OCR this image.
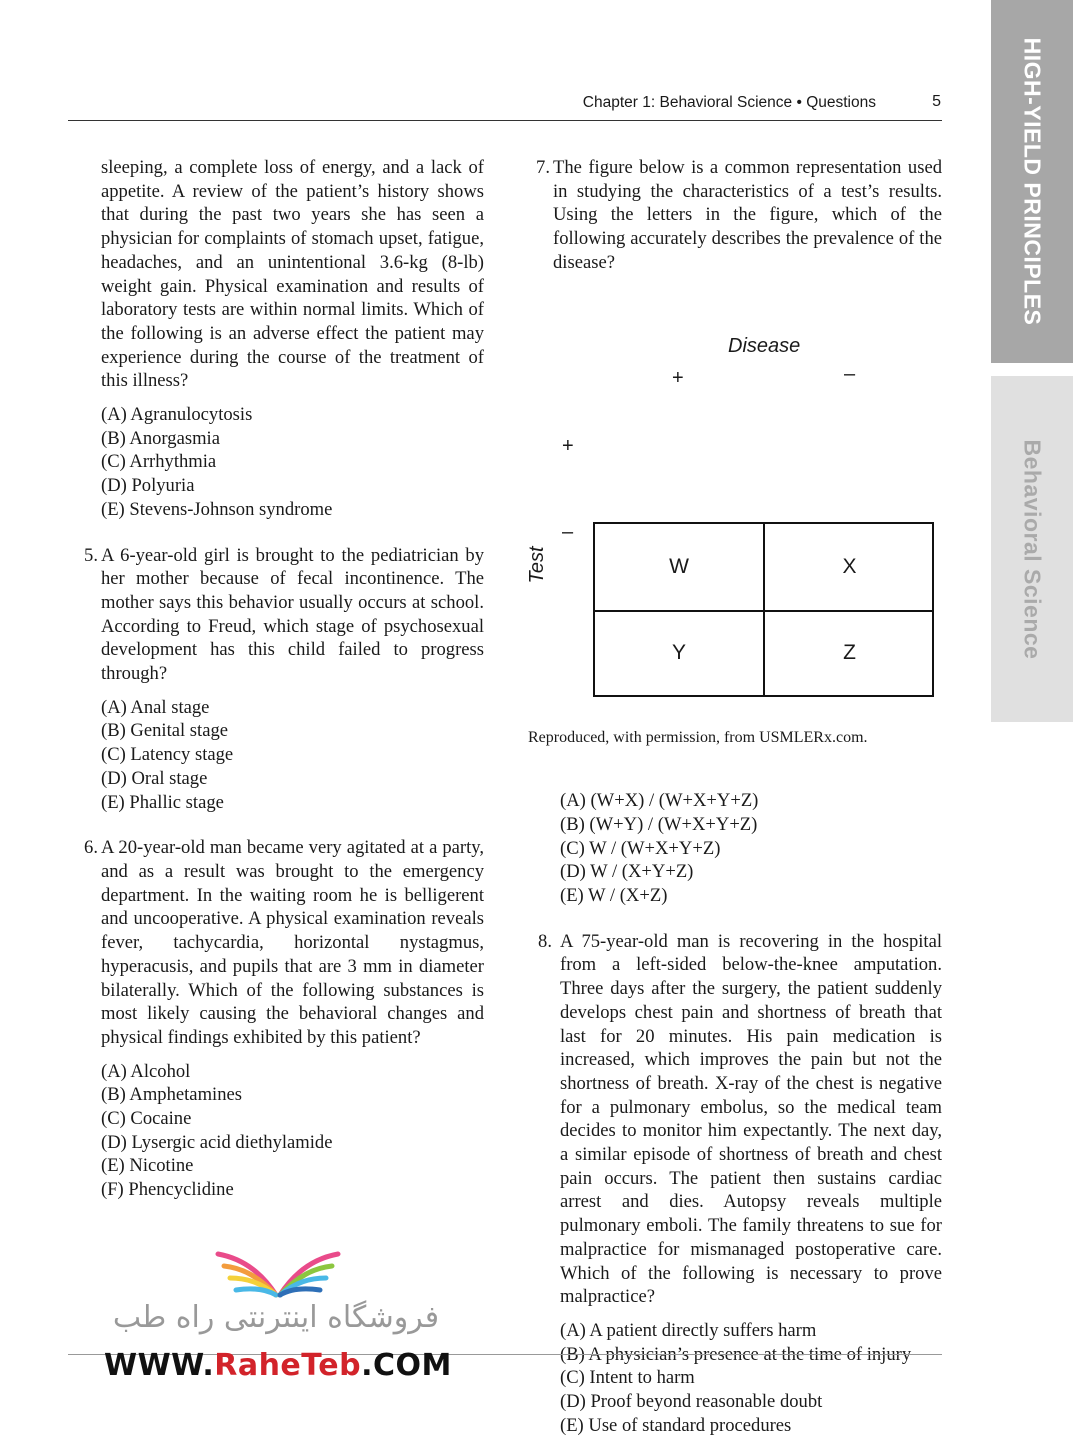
Chapter 1: Behavioral Science • Questions	5	HIGH-YIELD PRINCIPLES
Behavioral Science
sleeping, a complete loss of energy, and a lack of appetite. A review of the patient’s history shows that during the past two years she has seen a physician for complaints of stomach upset, fatigue, headaches, and an unintentional 3.6-kg (8-lb) weight gain. Physical examination and results of laboratory tests are within normal limits. Which of the following is an adverse effect the patient may experience during the course of the treatment of this illness?
(A) Agranulocytosis
(B) Anorgasmia
(C) Arrhythmia
(D) Polyuria
(E) Stevens-Johnson syndrome
5. A 6-year-old girl is brought to the pediatrician by her mother because of fecal incontinence. The mother says this behavior usually occurs at school. According to Freud, which stage of psychosexual development has this child failed to progress through?
(A) Anal stage
(B) Genital stage
(C) Latency stage
(D) Oral stage
(E) Phallic stage
6. A 20-year-old man became very agitated at a party, and as a result was brought to the emergency department. In the waiting room he is belligerent and uncooperative. A physical examination reveals fever, tachycardia, horizontal nystagmus, hyperacusis, and pupils that are 3 mm in diameter bilaterally. Which of the following substances is most likely causing the behavioral changes and physical findings exhibited by this patient?
(A) Alcohol
(B) Amphetamines
(C) Cocaine
(D) Lysergic acid diethylamide
(E) Nicotine
(F) Phencyclidine
7. The figure below is a common representation used in studying the characteristics of a test’s results. Using the letters in the figure, which of the following accurately describes the prevalence of the disease?
Disease
+	–
Test
+
–
W	X
Y	Z
Reproduced, with permission, from USMLERx.com.
(A) (W+X) / (W+X+Y+Z)
(B) (W+Y) / (W+X+Y+Z)
(C) W / (W+X+Y+Z)
(D) W / (X+Y+Z)
(E) W / (X+Z)
8. A 75-year-old man is recovering in the hospital from a left-sided below-the-knee amputation. Three days after the surgery, the patient suddenly develops chest pain and shortness of breath that last for 20 minutes. His pain medication is increased, which improves the pain but not the shortness of breath. X-ray of the chest is negative for a pulmonary embolus, so the medical team decides to monitor him expectantly. The next day, a similar episode of shortness of breath and chest pain occurs. The patient then sustains cardiac arrest and dies. Autopsy reveals multiple pulmonary emboli. The family threatens to sue for malpractice for mismanaged postoperative care. Which of the following is necessary to prove malpractice?
(A) A patient directly suffers harm
(B) A physician’s presence at the time of injury
(C) Intent to harm
(D) Proof beyond reasonable doubt
(E) Use of standard procedures
فروشگاه اینترنتی راه طب
WWW.RaheTeb.COM
